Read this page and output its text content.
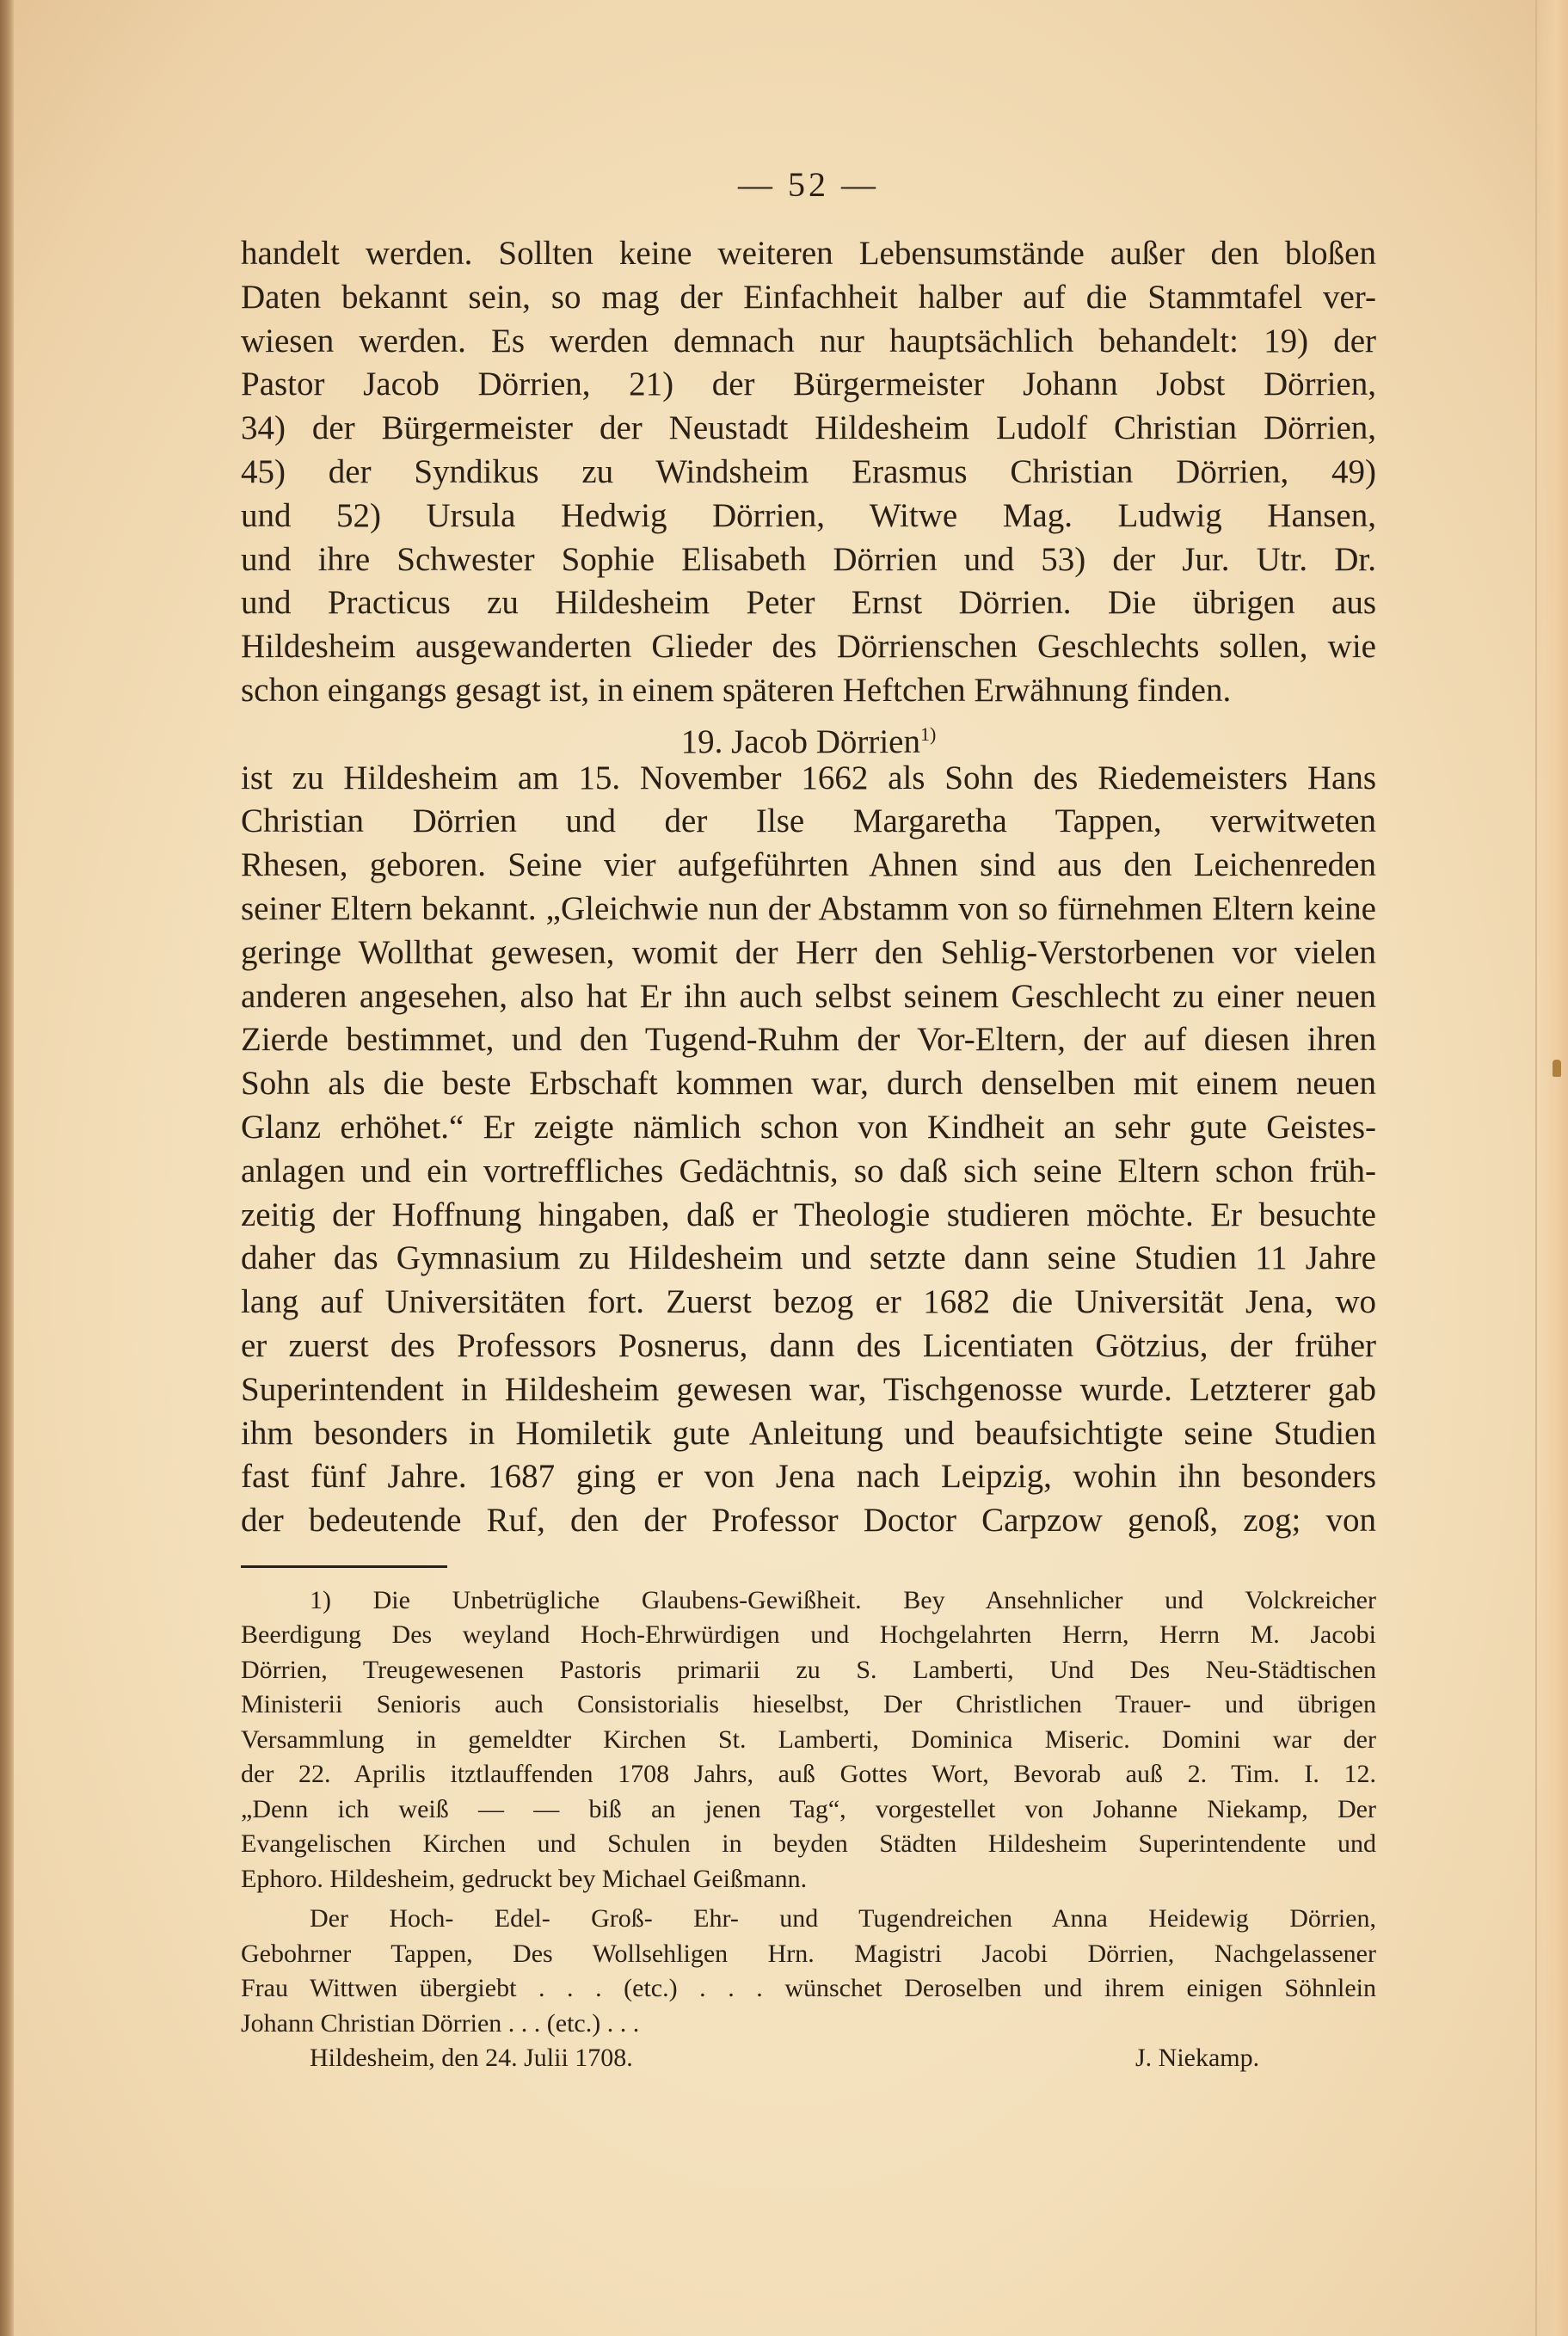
— 52 —
handelt werden. Sollten keine weiteren Lebensumstände außer den bloßen
Daten bekannt sein, so mag der Einfachheit halber auf die Stammtafel ver-
wiesen werden. Es werden demnach nur hauptsächlich behandelt: 19) der
Pastor Jacob Dörrien, 21) der Bürgermeister Johann Jobst Dörrien,
34) der Bürgermeister der Neustadt Hildesheim Ludolf Christian Dörrien,
45) der Syndikus zu Windsheim Erasmus Christian Dörrien, 49)
und 52) Ursula Hedwig Dörrien, Witwe Mag. Ludwig Hansen,
und ihre Schwester Sophie Elisabeth Dörrien und 53) der Jur. Utr. Dr.
und Practicus zu Hildesheim Peter Ernst Dörrien. Die übrigen aus
Hildesheim ausgewanderten Glieder des Dörrienschen Geschlechts sollen, wie
schon eingangs gesagt ist, in einem späteren Heftchen Erwähnung finden.
19. Jacob Dörrien$^{1)}$
ist zu Hildesheim am 15. November 1662 als Sohn des Riedemeisters Hans
Christian Dörrien und der Ilse Margaretha Tappen, verwitweten
Rhesen, geboren. Seine vier aufgeführten Ahnen sind aus den Leichenreden
seiner Eltern bekannt. „Gleichwie nun der Abstamm von so fürnehmen Eltern keine
geringe Wollthat gewesen, womit der Herr den Sehlig-Verstorbenen vor vielen
anderen angesehen, also hat Er ihn auch selbst seinem Geschlecht zu einer neuen
Zierde bestimmet, und den Tugend-Ruhm der Vor-Eltern, der auf diesen ihren
Sohn als die beste Erbschaft kommen war, durch denselben mit einem neuen
Glanz erhöhet.“ Er zeigte nämlich schon von Kindheit an sehr gute Geistes-
anlagen und ein vortreffliches Gedächtnis, so daß sich seine Eltern schon früh-
zeitig der Hoffnung hingaben, daß er Theologie studieren möchte. Er besuchte
daher das Gymnasium zu Hildesheim und setzte dann seine Studien 11 Jahre
lang auf Universitäten fort. Zuerst bezog er 1682 die Universität Jena, wo
er zuerst des Professors Posnerus, dann des Licentiaten Götzius, der früher
Superintendent in Hildesheim gewesen war, Tischgenosse wurde. Letzterer gab
ihm besonders in Homiletik gute Anleitung und beaufsichtigte seine Studien
fast fünf Jahre. 1687 ging er von Jena nach Leipzig, wohin ihn besonders
der bedeutende Ruf, den der Professor Doctor Carpzow genoß, zog; von
1) Die Unbetrügliche Glaubens-Gewißheit. Bey Ansehnlicher und Volckreicher
Beerdigung Des weyland Hoch-Ehrwürdigen und Hochgelahrten Herrn, Herrn M. Jacobi
Dörrien, Treugewesenen Pastoris primarii zu S. Lamberti, Und Des Neu-Städtischen
Ministerii Senioris auch Consistorialis hieselbst, Der Christlichen Trauer- und übrigen
Versammlung in gemeldter Kirchen St. Lamberti, Dominica Miseric. Domini war der
der 22. Aprilis itztlauffenden 1708 Jahrs, auß Gottes Wort, Bevorab auß 2. Tim. I. 12.
„Denn ich weiß — — biß an jenen Tag“, vorgestellet von Johanne Niekamp, Der
Evangelischen Kirchen und Schulen in beyden Städten Hildesheim Superintendente und
Ephoro. Hildesheim, gedruckt bey Michael Geißmann.
Der Hoch- Edel- Groß- Ehr- und Tugendreichen Anna Heidewig Dörrien,
Gebohrner Tappen, Des Wollsehligen Hrn. Magistri Jacobi Dörrien, Nachgelassener
Frau Wittwen übergiebt . . . (etc.) . . . wünschet Deroselben und ihrem einigen Söhnlein
Johann Christian Dörrien . . . (etc.) . . .
Hildesheim, den 24. Julii 1708.	J. Niekamp.
